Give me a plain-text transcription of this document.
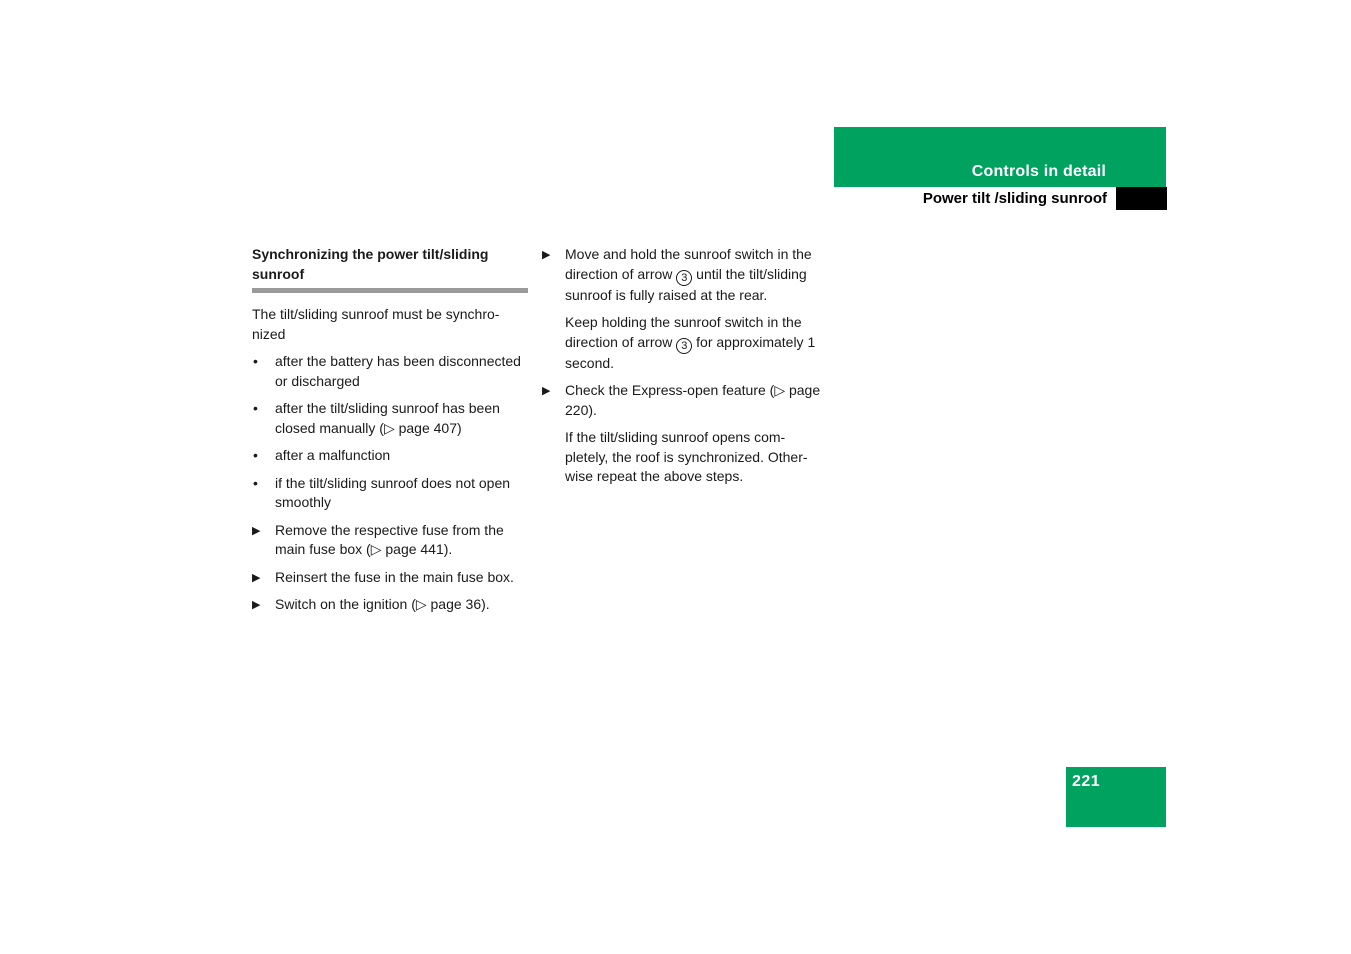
Controls in detail
Power tilt /sliding sunroof
Synchronizing the power tilt/sliding sunroof

The tilt/sliding sunroof must be synchro-nized

• after the battery has been disconnected or discharged
• after the tilt/sliding sunroof has been closed manually (▷ page 407)
• after a malfunction
• if the tilt/sliding sunroof does not open smoothly
▶ Remove the respective fuse from the main fuse box (▷ page 441).
▶ Reinsert the fuse in the main fuse box.
▶ Switch on the ignition (▷ page 36).
▶ Move and hold the sunroof switch in the direction of arrow 3 until the tilt/sliding sunroof is fully raised at the rear.
Keep holding the sunroof switch in the direction of arrow 3 for approximately 1 second.
▶ Check the Express-open feature (▷ page 220).
If the tilt/sliding sunroof opens com-pletely, the roof is synchronized. Other-wise repeat the above steps.
221
